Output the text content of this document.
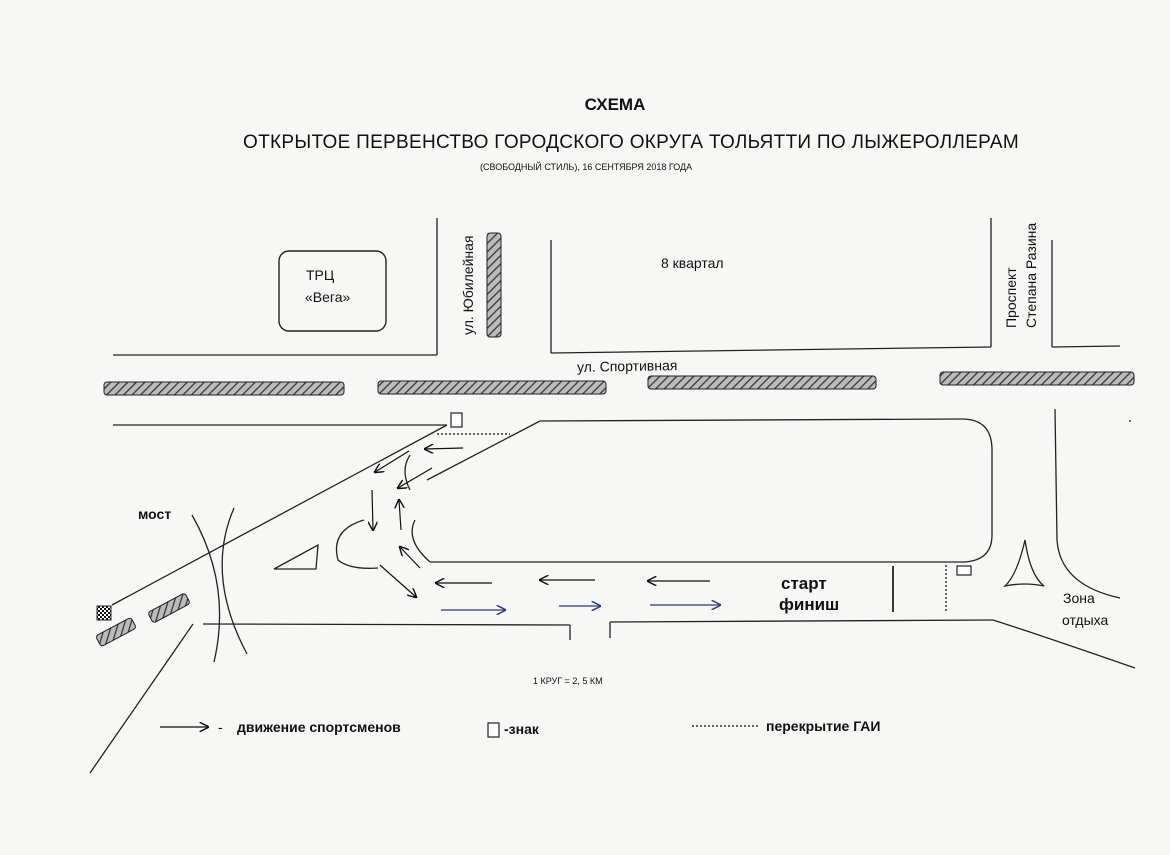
СХЕМА
ОТКРЫТОЕ ПЕРВЕНСТВО ГОРОДСКОГО ОКРУГА ТОЛЬЯТТИ ПО ЛЫЖЕРОЛЛЕРАМ
(СВОБОДНЫЙ СТИЛЬ), 16 СЕНТЯБРЯ 2018 ГОДА
ТРЦ
«Вега»	ул. Юбилейная	8 квартал
ул. Спортивная
Проспект Степана Разина
мост
старт
финиш	Зона
отдыха
1 КРУГ = 2, 5 КМ
- движение спортсменов	-знак	перекрытие ГАИ
